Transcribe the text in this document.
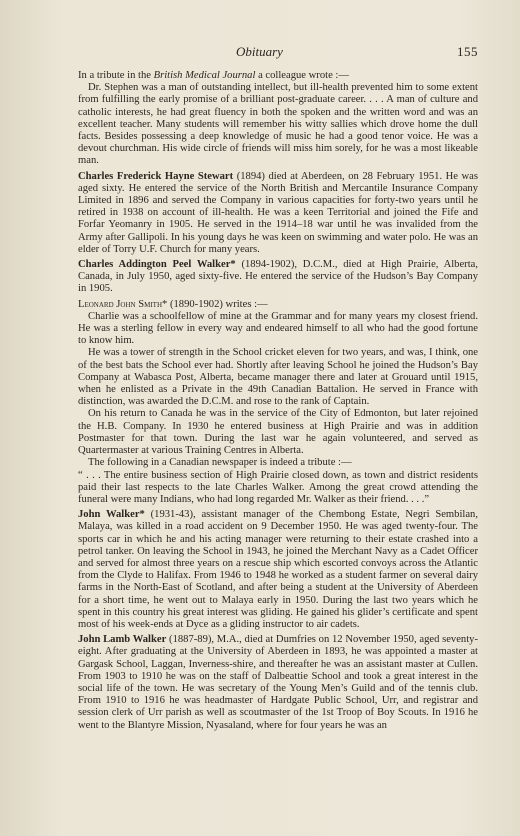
Obituary	155

In a tribute in the British Medical Journal a colleague wrote :—

Dr. Stephen was a man of outstanding intellect, but ill-health prevented him to some extent from fulfilling the early promise of a brilliant post-graduate career. . . . A man of culture and catholic interests, he had great fluency in both the spoken and the written word and was an excellent teacher. Many students will remember his witty sallies which drove home the dull facts. Besides possessing a deep knowledge of music he had a good tenor voice. He was a devout churchman. His wide circle of friends will miss him sorely, for he was a most likeable man.

Charles Frederick Hayne Stewart (1894) died at Aberdeen, on 28 February 1951. He was aged sixty. He entered the service of the North British and Mercantile Insurance Company Limited in 1896 and served the Company in various capacities for forty-two years until he retired in 1938 on account of ill-health. He was a keen Territorial and joined the Fife and Forfar Yeomanry in 1905. He served in the 1914–18 war until he was invalided from the Army after Gallipoli. In his young days he was keen on swimming and water polo. He was an elder of Torry U.F. Church for many years.

Charles Addington Peel Walker* (1894-1902), D.C.M., died at High Prairie, Alberta, Canada, in July 1950, aged sixty-five. He entered the service of the Hudson’s Bay Company in 1905.

Leonard John Smith* (1890-1902) writes :—

Charlie was a schoolfellow of mine at the Grammar and for many years my closest friend. He was a sterling fellow in every way and endeared himself to all who had the good fortune to know him.

He was a tower of strength in the School cricket eleven for two years, and was, I think, one of the best bats the School ever had. Shortly after leaving School he joined the Hudson’s Bay Company at Wabasca Post, Alberta, became manager there and later at Grouard until 1915, when he enlisted as a Private in the 49th Canadian Battalion. He served in France with distinction, was awarded the D.C.M. and rose to the rank of Captain.

On his return to Canada he was in the service of the City of Edmonton, but later rejoined the H.B. Company. In 1930 he entered business at High Prairie and was in addition Postmaster for that town. During the last war he again volunteered, and served as Quartermaster at various Training Centres in Alberta.

The following in a Canadian newspaper is indeed a tribute :—

“ . . . The entire business section of High Prairie closed down, as town and district residents paid their last respects to the late Charles Walker. Among the great crowd attending the funeral were many Indians, who had long regarded Mr. Walker as their friend. . . .”

John Walker* (1931-43), assistant manager of the Chembong Estate, Negri Sembilan, Malaya, was killed in a road accident on 9 December 1950. He was aged twenty-four. The sports car in which he and his acting manager were returning to their estate crashed into a petrol tanker. On leaving the School in 1943, he joined the Merchant Navy as a Cadet Officer and served for almost three years on a rescue ship which escorted convoys across the Atlantic from the Clyde to Halifax. From 1946 to 1948 he worked as a student farmer on several dairy farms in the North-East of Scotland, and after being a student at the University of Aberdeen for a short time, he went out to Malaya early in 1950. During the last two years which he spent in this country his great interest was gliding. He gained his glider’s certificate and spent most of his week-ends at Dyce as a gliding instructor to air cadets.

John Lamb Walker (1887-89), M.A., died at Dumfries on 12 November 1950, aged seventy-eight. After graduating at the University of Aberdeen in 1893, he was appointed a master at Gargask School, Laggan, Inverness-shire, and thereafter he was an assistant master at Cullen. From 1903 to 1910 he was on the staff of Dalbeattie School and took a great interest in the social life of the town. He was secretary of the Young Men’s Guild and of the tennis club. From 1910 to 1916 he was headmaster of Hardgate Public School, Urr, and registrar and session clerk of Urr parish as well as scoutmaster of the 1st Troop of Boy Scouts. In 1916 he went to the Blantyre Mission, Nyasaland, where for four years he was an
